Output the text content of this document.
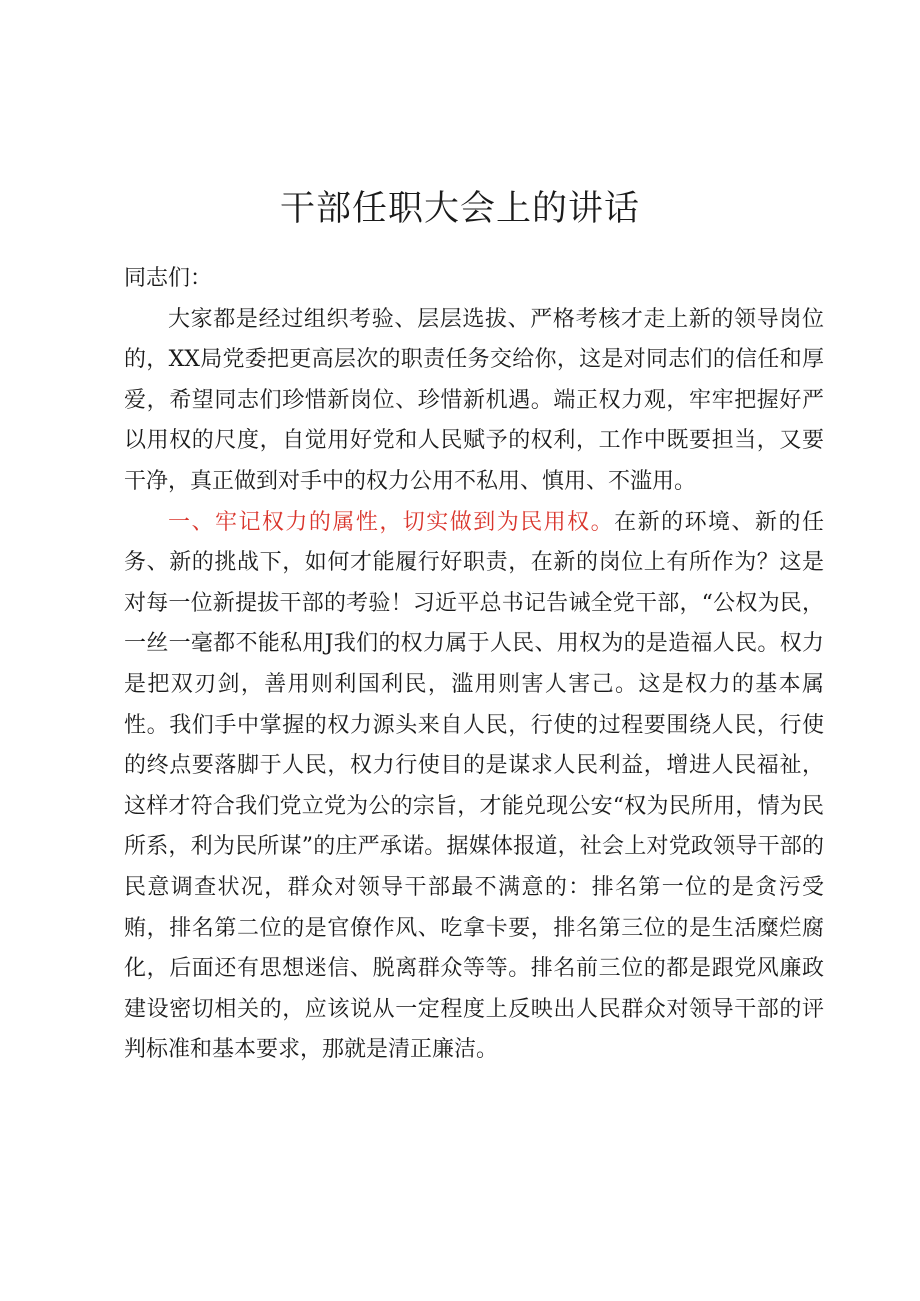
干部任职大会上的讲话

同志们：

大家都是经过组织考验、层层选拔、严格考核才走上新的领导岗位的，XX局党委把更高层次的职责任务交给你，这是对同志们的信任和厚爱，希望同志们珍惜新岗位、珍惜新机遇。端正权力观，牢牢把握好严以用权的尺度，自觉用好党和人民赋予的权利，工作中既要担当，又要干净，真正做到对手中的权力公用不私用、慎用、不滥用。

一、牢记权力的属性，切实做到为民用权。在新的环境、新的任务、新的挑战下，如何才能履行好职责，在新的岗位上有所作为？这是对每一位新提拔干部的考验！习近平总书记告诫全党干部，“公权为民，一丝一毫都不能私用J我们的权力属于人民、用权为的是造福人民。权力是把双刃剑，善用则利国利民，滥用则害人害己。这是权力的基本属性。我们手中掌握的权力源头来自人民，行使的过程要围绕人民，行使的终点要落脚于人民，权力行使目的是谋求人民利益，增进人民福祉，这样才符合我们党立党为公的宗旨，才能兑现公安“权为民所用，情为民所系，利为民所谋”的庄严承诺。据媒体报道，社会上对党政领导干部的民意调查状况，群众对领导干部最不满意的：排名第一位的是贪污受贿，排名第二位的是官僚作风、吃拿卡要，排名第三位的是生活糜烂腐化，后面还有思想迷信、脱离群众等等。排名前三位的都是跟党风廉政建设密切相关的，应该说从一定程度上反映出人民群众对领导干部的评判标准和基本要求，那就是清正廉洁。
